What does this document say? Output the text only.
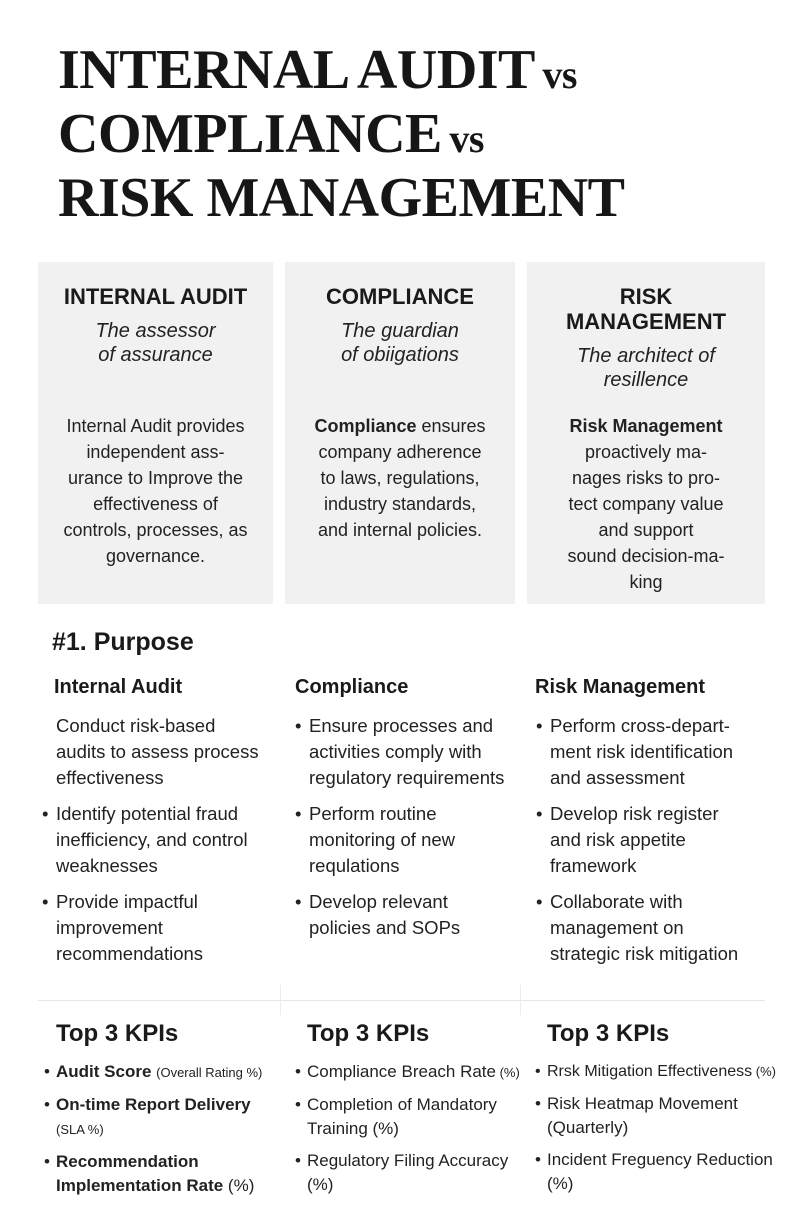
INTERNAL AUDIT vs
COMPLIANCE vs
RISK MANAGEMENT
INTERNAL AUDIT
The assessor
of assurance
Internal Audit provides
independent ass-
urance to Improve the
effectiveness of
controls, processes, as
governance.
COMPLIANCE
The guardian
of obiigations
Compliance ensures
company adherence
to laws, regulations,
industry standards,
and internal policies.
RISK
MANAGEMENT
The architect of
resillence
Risk Management
proactively ma-
nages risks to pro-
tect company value
and support
sound decision-ma-
king
#1. Purpose
Internal Audit
Conduct risk-based
audits to assess process
effectiveness
• Identify potential fraud
inefficiency, and control
weaknesses
• Provide impactful
improvement
recommendations
Compliance
• Ensure processes and
activities comply with
regulatory requirements
• Perform routine
monitoring of new
requlations
• Develop relevant
policies and SOPs
Risk Management
• Perform cross-depart-
ment risk identification
and assessment
• Develop risk register
and risk appetite
framework
• Collaborate with
management on
strategic risk mitigation
Top 3 KPIs
• Audit Score (Overall Rating %)
• On-time Report Delivery
(SLA %)
• Recommendation Implementation Rate (%)
Top 3 KPIs
• Compliance Breach Rate (%)
• Completion of Mandatory Training (%)
• Regulatory Filing Accuracy (%)
Top 3 KPIs
• Rrsk Mitigation Effectiveness (%)
• Risk Heatmap Movement (Quarterly)
• Incident Freguency Reduction (%)
